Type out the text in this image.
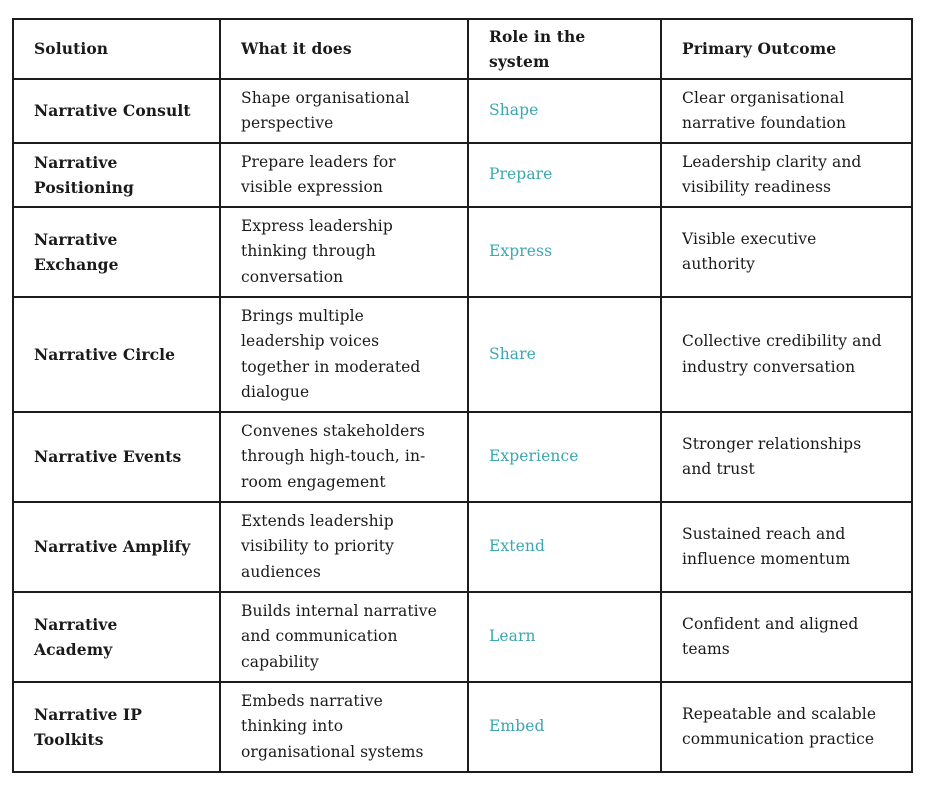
Solution	What it does	Role in the system	Primary Outcome
Narrative Consult	Shape organisational perspective	Shape	Clear organisational narrative foundation
Narrative Positioning	Prepare leaders for visible expression	Prepare	Leadership clarity and visibility readiness
Narrative Exchange	Express leadership thinking through conversation	Express	Visible executive authority
Narrative Circle	Brings multiple leadership voices together in moderated dialogue	Share	Collective credibility and industry conversation
Narrative Events	Convenes stakeholders through high-touch, in-room engagement	Experience	Stronger relationships and trust
Narrative Amplify	Extends leadership visibility to priority audiences	Extend	Sustained reach and influence momentum
Narrative Academy	Builds internal narrative and communication capability	Learn	Confident and aligned teams
Narrative IP Toolkits	Embeds narrative thinking into organisational systems	Embed	Repeatable and scalable communication practice
